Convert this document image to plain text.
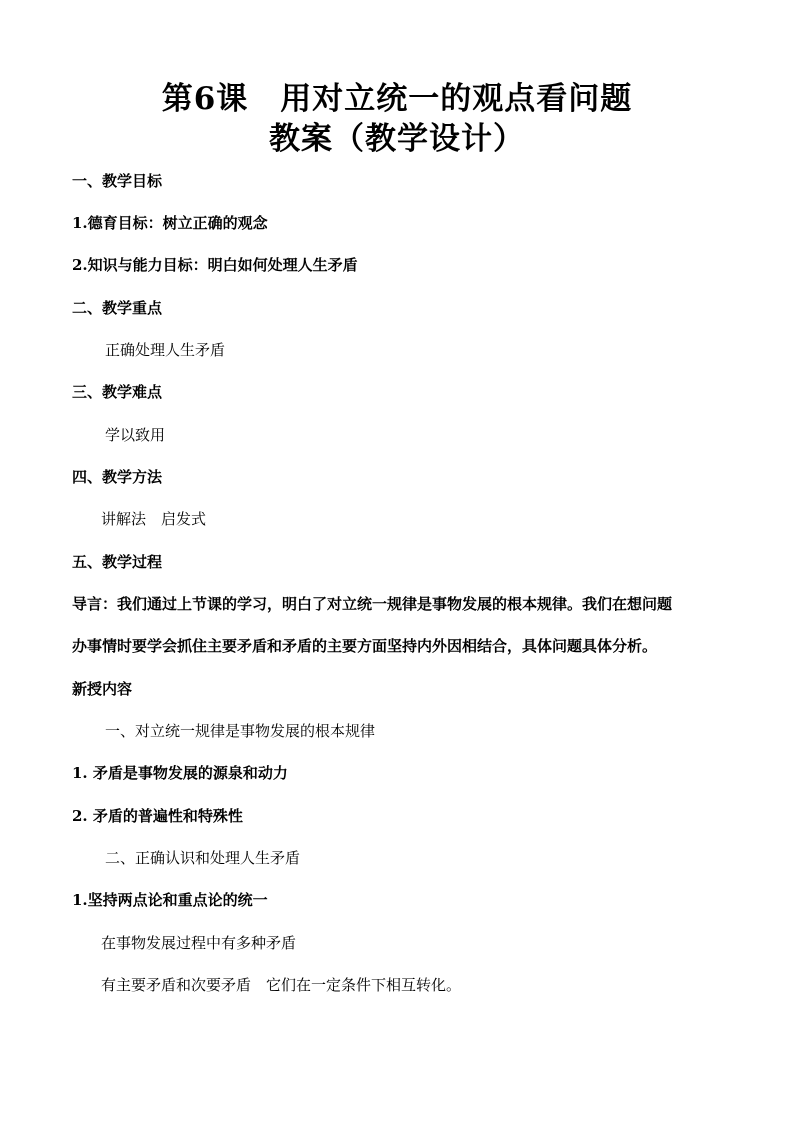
第6课　用对立统一的观点看问题
教案（教学设计）
一、教学目标
1.德育目标：树立正确的观念
2.知识与能力目标：明白如何处理人生矛盾
二、教学重点
正确处理人生矛盾
三、教学难点
学以致用
四、教学方法
讲解法　启发式
五、教学过程
导言：我们通过上节课的学习，明白了对立统一规律是事物发展的根本规律。我们在想问题
办事情时要学会抓住主要矛盾和矛盾的主要方面坚持内外因相结合，具体问题具体分析。
新授内容
一、对立统一规律是事物发展的根本规律
1. 矛盾是事物发展的源泉和动力
2. 矛盾的普遍性和特殊性
二、正确认识和处理人生矛盾
1.坚持两点论和重点论的统一
在事物发展过程中有多种矛盾
有主要矛盾和次要矛盾　它们在一定条件下相互转化。
